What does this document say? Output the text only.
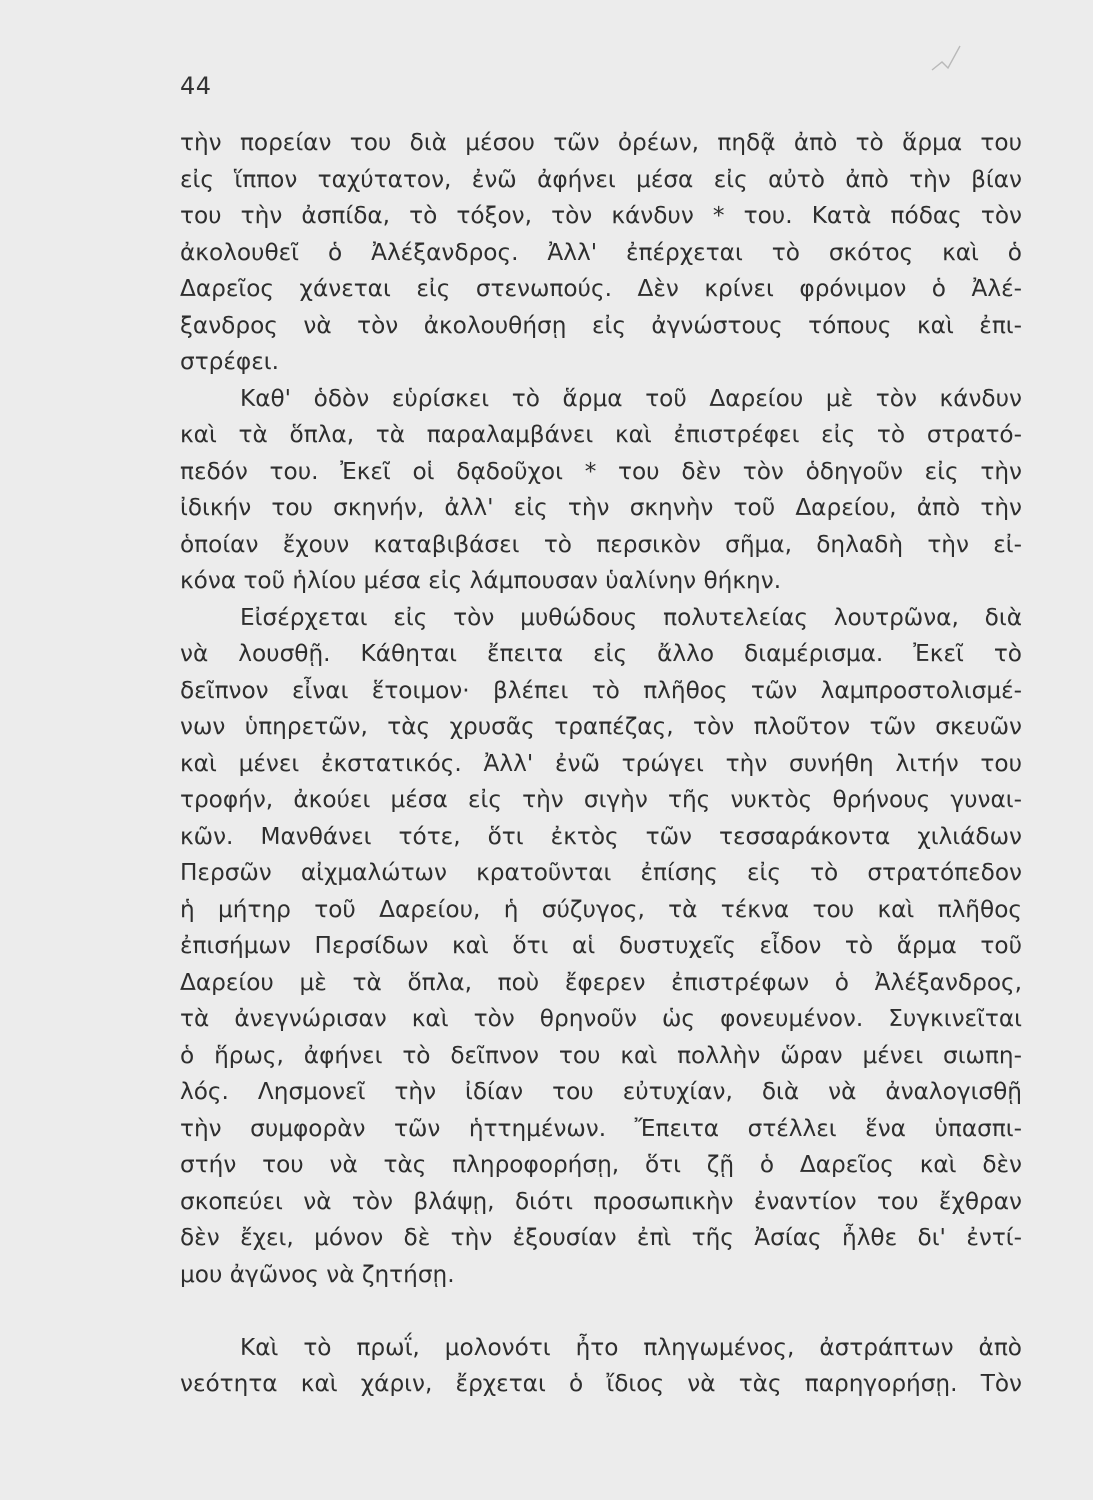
44
τὴν πορείαν του διὰ μέσου τῶν ὀρέων, πηδᾷ ἀπὸ τὸ ἅρμα του
εἰς ἵππον ταχύτατον, ἐνῶ ἀφήνει μέσα εἰς αὐτὸ ἀπὸ τὴν βίαν
του τὴν ἀσπίδα, τὸ τόξον, τὸν κάνδυν * του. Κατὰ πόδας τὸν
ἀκολουθεῖ ὁ Ἀλέξανδρος. Ἀλλ' ἐπέρχεται τὸ σκότος καὶ ὁ
Δαρεῖος χάνεται εἰς στενωπούς. Δὲν κρίνει φρόνιμον ὁ Ἀλέ-
ξανδρος νὰ τὸν ἀκολουθήσῃ εἰς ἀγνώστους τόπους καὶ ἐπι-
στρέφει.
Καθ' ὁδὸν εὑρίσκει τὸ ἅρμα τοῦ Δαρείου μὲ τὸν κάνδυν
καὶ τὰ ὅπλα, τὰ παραλαμβάνει καὶ ἐπιστρέφει εἰς τὸ στρατό-
πεδόν του. Ἐκεῖ οἱ δᾳδοῦχοι * του δὲν τὸν ὁδηγοῦν εἰς τὴν
ἰδικήν του σκηνήν, ἀλλ' εἰς τὴν σκηνὴν τοῦ Δαρείου, ἀπὸ τὴν
ὁποίαν ἔχουν καταβιβάσει τὸ περσικὸν σῆμα, δηλαδὴ τὴν εἰ-
κόνα τοῦ ἡλίου μέσα εἰς λάμπουσαν ὑαλίνην θήκην.
Εἰσέρχεται εἰς τὸν μυθώδους πολυτελείας λουτρῶνα, διὰ
νὰ λουσθῇ. Κάθηται ἔπειτα εἰς ἄλλο διαμέρισμα. Ἐκεῖ τὸ
δεῖπνον εἶναι ἕτοιμον· βλέπει τὸ πλῆθος τῶν λαμπροστολισμέ-
νων ὑπηρετῶν, τὰς χρυσᾶς τραπέζας, τὸν πλοῦτον τῶν σκευῶν
καὶ μένει ἐκστατικός. Ἀλλ' ἐνῶ τρώγει τὴν συνήθη λιτήν του
τροφήν, ἀκούει μέσα εἰς τὴν σιγὴν τῆς νυκτὸς θρήνους γυναι-
κῶν. Μανθάνει τότε, ὅτι ἐκτὸς τῶν τεσσαράκοντα χιλιάδων
Περσῶν αἰχμαλώτων κρατοῦνται ἐπίσης εἰς τὸ στρατόπεδον
ἡ μήτηρ τοῦ Δαρείου, ἡ σύζυγος, τὰ τέκνα του καὶ πλῆθος
ἐπισήμων Περσίδων καὶ ὅτι αἱ δυστυχεῖς εἶδον τὸ ἅρμα τοῦ
Δαρείου μὲ τὰ ὅπλα, ποὺ ἔφερεν ἐπιστρέφων ὁ Ἀλέξανδρος,
τὰ ἀνεγνώρισαν καὶ τὸν θρηνοῦν ὡς φονευμένον. Συγκινεῖται
ὁ ἥρως, ἀφήνει τὸ δεῖπνον του καὶ πολλὴν ὥραν μένει σιωπη-
λός. Λησμονεῖ τὴν ἰδίαν του εὐτυχίαν, διὰ νὰ ἀναλογισθῇ
τὴν συμφορὰν τῶν ἡττημένων. Ἔπειτα στέλλει ἕνα ὑπασπι-
στήν του νὰ τὰς πληροφορήσῃ, ὅτι ζῇ ὁ Δαρεῖος καὶ δὲν
σκοπεύει νὰ τὸν βλάψῃ, διότι προσωπικὴν ἐναντίον του ἔχθραν
δὲν ἔχει, μόνον δὲ τὴν ἐξουσίαν ἐπὶ τῆς Ἀσίας ἦλθε δι' ἐντί-
μου ἀγῶνος νὰ ζητήσῃ.
Καὶ τὸ πρωΐ, μολονότι ἦτο πληγωμένος, ἀστράπτων ἀπὸ
νεότητα καὶ χάριν, ἔρχεται ὁ ἴδιος νὰ τὰς παρηγορήσῃ. Τὸν
